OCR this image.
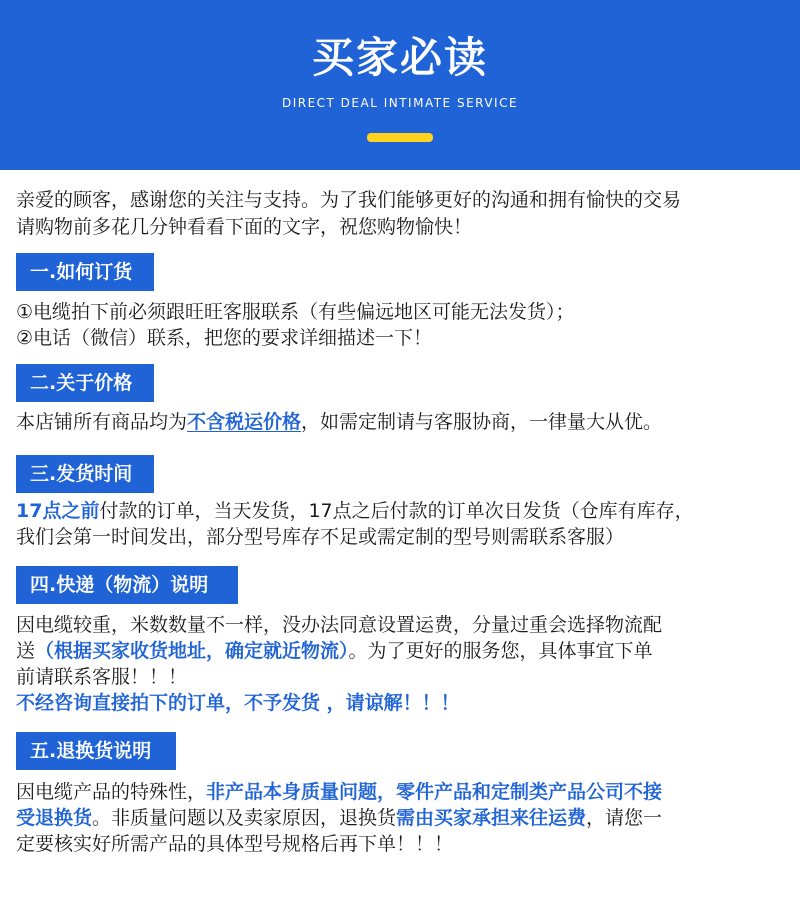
买家必读
DIRECT DEAL INTIMATE SERVICE
亲爱的顾客，感谢您的关注与支持。为了我们能够更好的沟通和拥有愉快的交易
请购物前多花几分钟看看下面的文字，祝您购物愉快！
一.如何订货
①电缆拍下前必须跟旺旺客服联系（有些偏远地区可能无法发货）；
②电话（微信）联系，把您的要求详细描述一下！
二.关于价格
本店铺所有商品均为不含税运价格，如需定制请与客服协商，一律量大从优。
三.发货时间
17点之前付款的订单，当天发货，17点之后付款的订单次日发货（仓库有库存，
我们会第一时间发出，部分型号库存不足或需定制的型号则需联系客服）
四.快递（物流）说明
因电缆较重，米数数量不一样，没办法同意设置运费，分量过重会选择物流配
送（根据买家收货地址，确定就近物流）。为了更好的服务您，具体事宜下单
前请联系客服！！！
不经咨询直接拍下的订单，不予发货 ，请谅解！！！
五.退换货说明
因电缆产品的特殊性，非产品本身质量问题，零件产品和定制类产品公司不接
受退换货。非质量问题以及卖家原因，退换货需由买家承担来往运费，请您一
定要核实好所需产品的具体型号规格后再下单！！！
